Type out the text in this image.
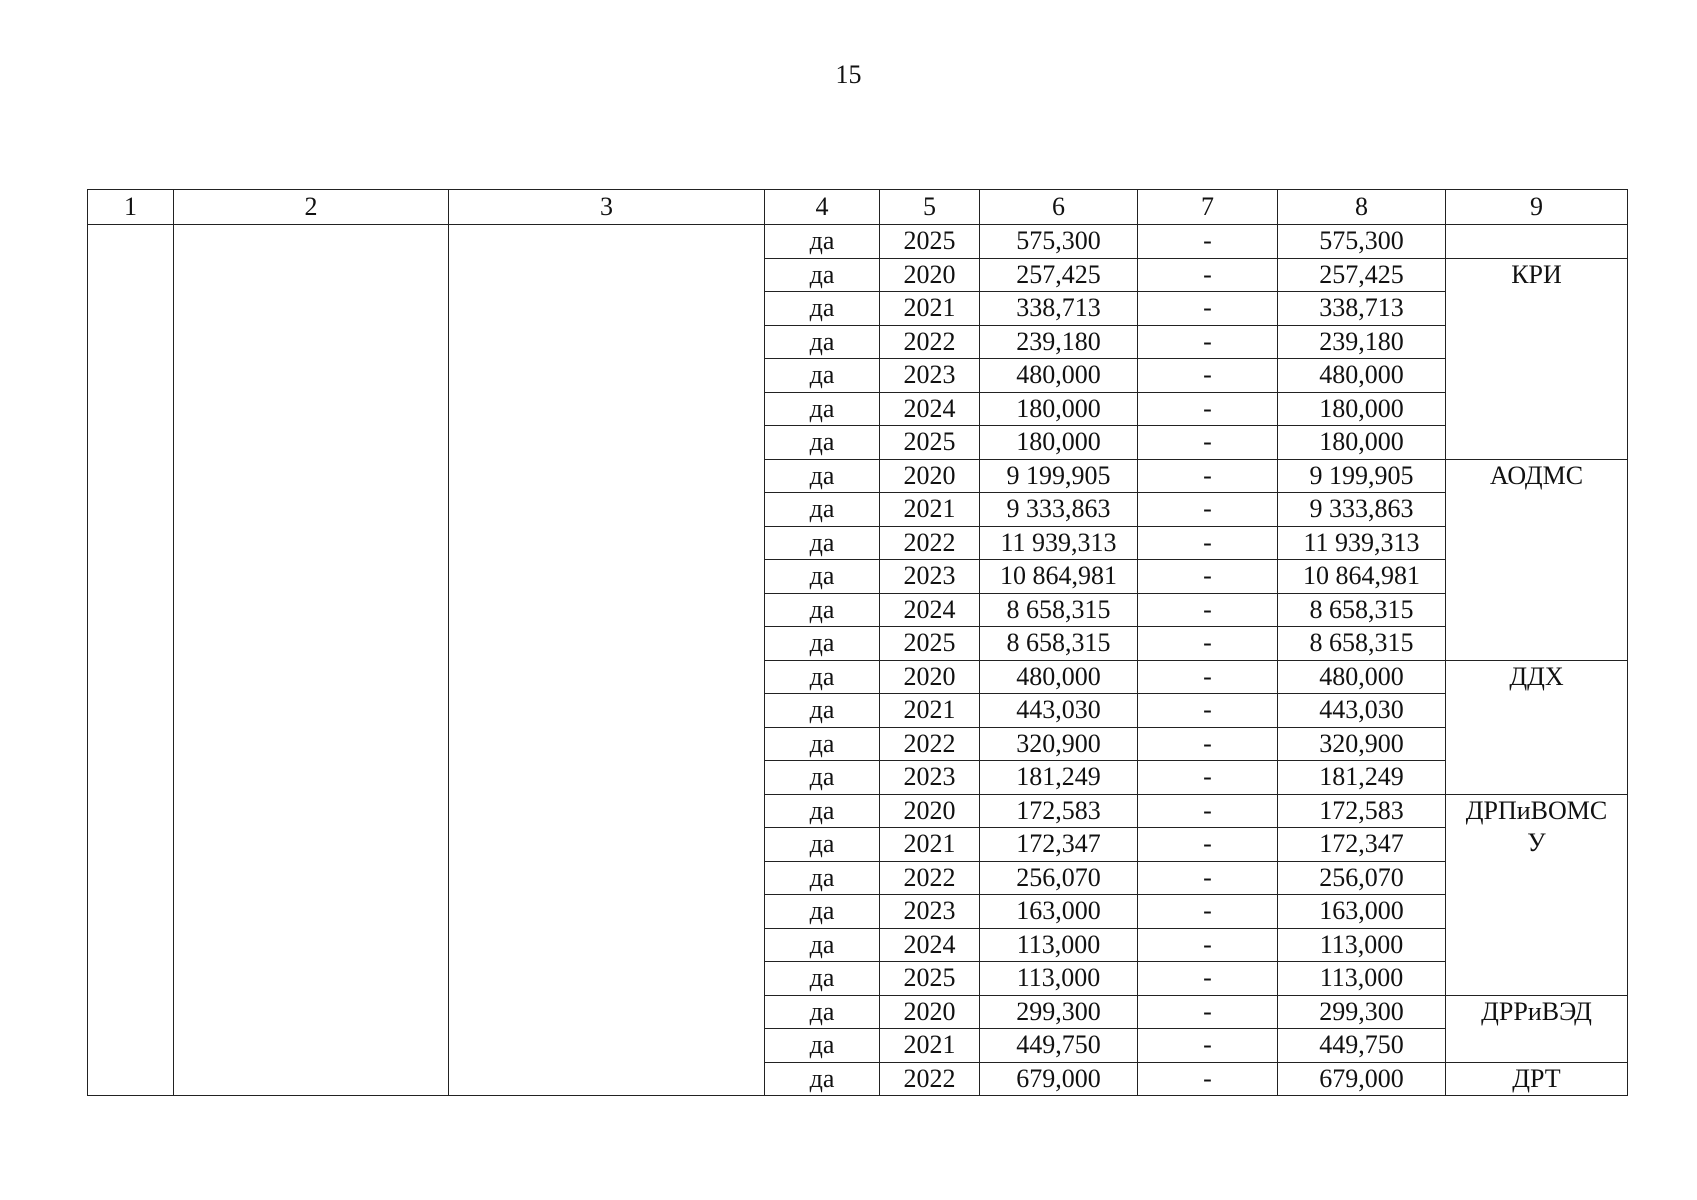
15
1	2	3	4	5	6	7	8	9
			да	2025	575,300	-	575,300	

			да	2020	257,425	-	257,425	КРИ

			да	2021	338,713	-	338,713	
			да	2022	239,180	-	239,180	
			да	2023	480,000	-	480,000	
			да	2024	180,000	-	180,000	
			да	2025	180,000	-	180,000	
			да	2020	9 199,905	-	9 199,905	АОДМС

			да	2021	9 333,863	-	9 333,863	
			да	2022	11 939,313	-	11 939,313	
			да	2023	10 864,981	-	10 864,981	
			да	2024	8 658,315	-	8 658,315	
			да	2025	8 658,315	-	8 658,315	
			да	2020	480,000	-	480,000	ДДХ

			да	2021	443,030	-	443,030	
			да	2022	320,900	-	320,900	
			да	2023	181,249	-	181,249	
			да	2020	172,583	-	172,583	ДРПиВОМС
У

			да	2021	172,347	-	172,347	
			да	2022	256,070	-	256,070	
			да	2023	163,000	-	163,000	
			да	2024	113,000	-	113,000	
			да	2025	113,000	-	113,000	
			да	2020	299,300	-	299,300	ДРРиВЭД

			да	2021	449,750	-	449,750	
			да	2022	679,000	-	679,000	ДРТ
